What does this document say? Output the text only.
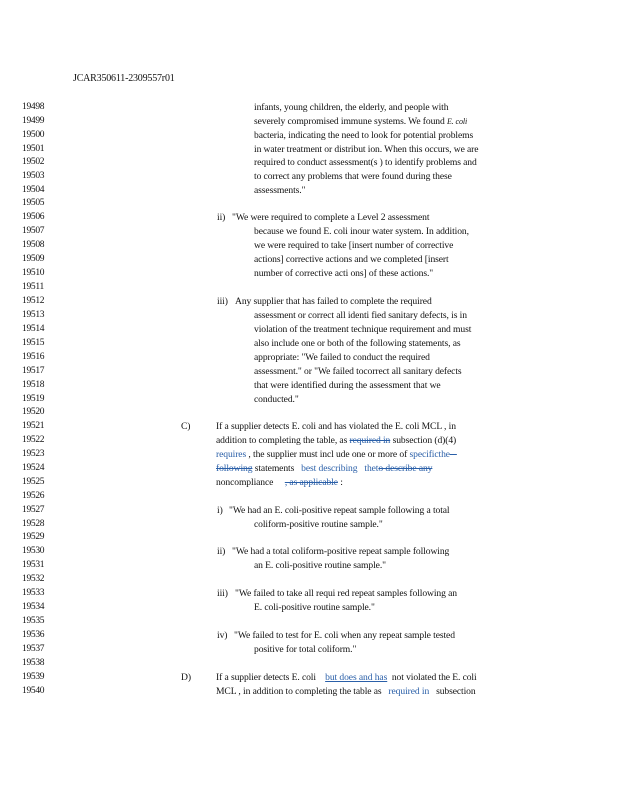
JCAR350611-2309557r01
19498
19499
19500
19501
19502
19503
19504
19505
19506
19507
19508
19509
19510
19511
19512
19513
19514
19515
19516
19517
19518
19519
19520
19521
19522
19523
19524
19525
19526
19527
19528
19529
19530
19531
19532
19533
19534
19535
19536
19537
19538
19539
19540
infants, young children, the elderly, and people with
severely compromised immune systems. We found E. coli
bacteria, indicating the need to look for potential problems
in water treatment or distribut ion. When this occurs, we are
required to conduct assessment(s ) to identify problems and
to correct any problems that were found during these
assessments."
ii) "We were required to complete a Level 2 assessment
because we found E. coli inour water system. In addition,
we were required to take [insert number of corrective
actions] corrective actions and we completed [insert
number of corrective acti ons] of these actions."
iii) Any supplier that has failed to complete the required
assessment or correct all identi fied sanitary defects, is in
violation of the treatment technique requirement and must
also include one or both of the following statements, as
appropriate: "We failed to conduct the required
assessment." or "We failed tocorrect all sanitary defects
that were identified during the assessment that we
conducted."
C)	If a supplier detects E. coli and has violated the E. coli MCL , in
addition to completing the table, as required in subsection (d)(4)
requires , the supplier must incl ude one or more of specificthe​
following statements best describing theto describe any
noncompliance , as applicable :
i) "We had an E. coli-positive repeat sample following a total
coliform-positive routine sample."
ii) "We had a total coliform-positive repeat sample following
an E. coli-positive routine sample."
iii) "We failed to take all requi red repeat samples following an
E. coli-positive routine sample."
iv) "We failed to test for E. coli when any repeat sample tested
positive for total coliform."
D)	If a supplier detects E. coli but does and has not violated the E. coli
MCL , in addition to completing the table as required in subsection
